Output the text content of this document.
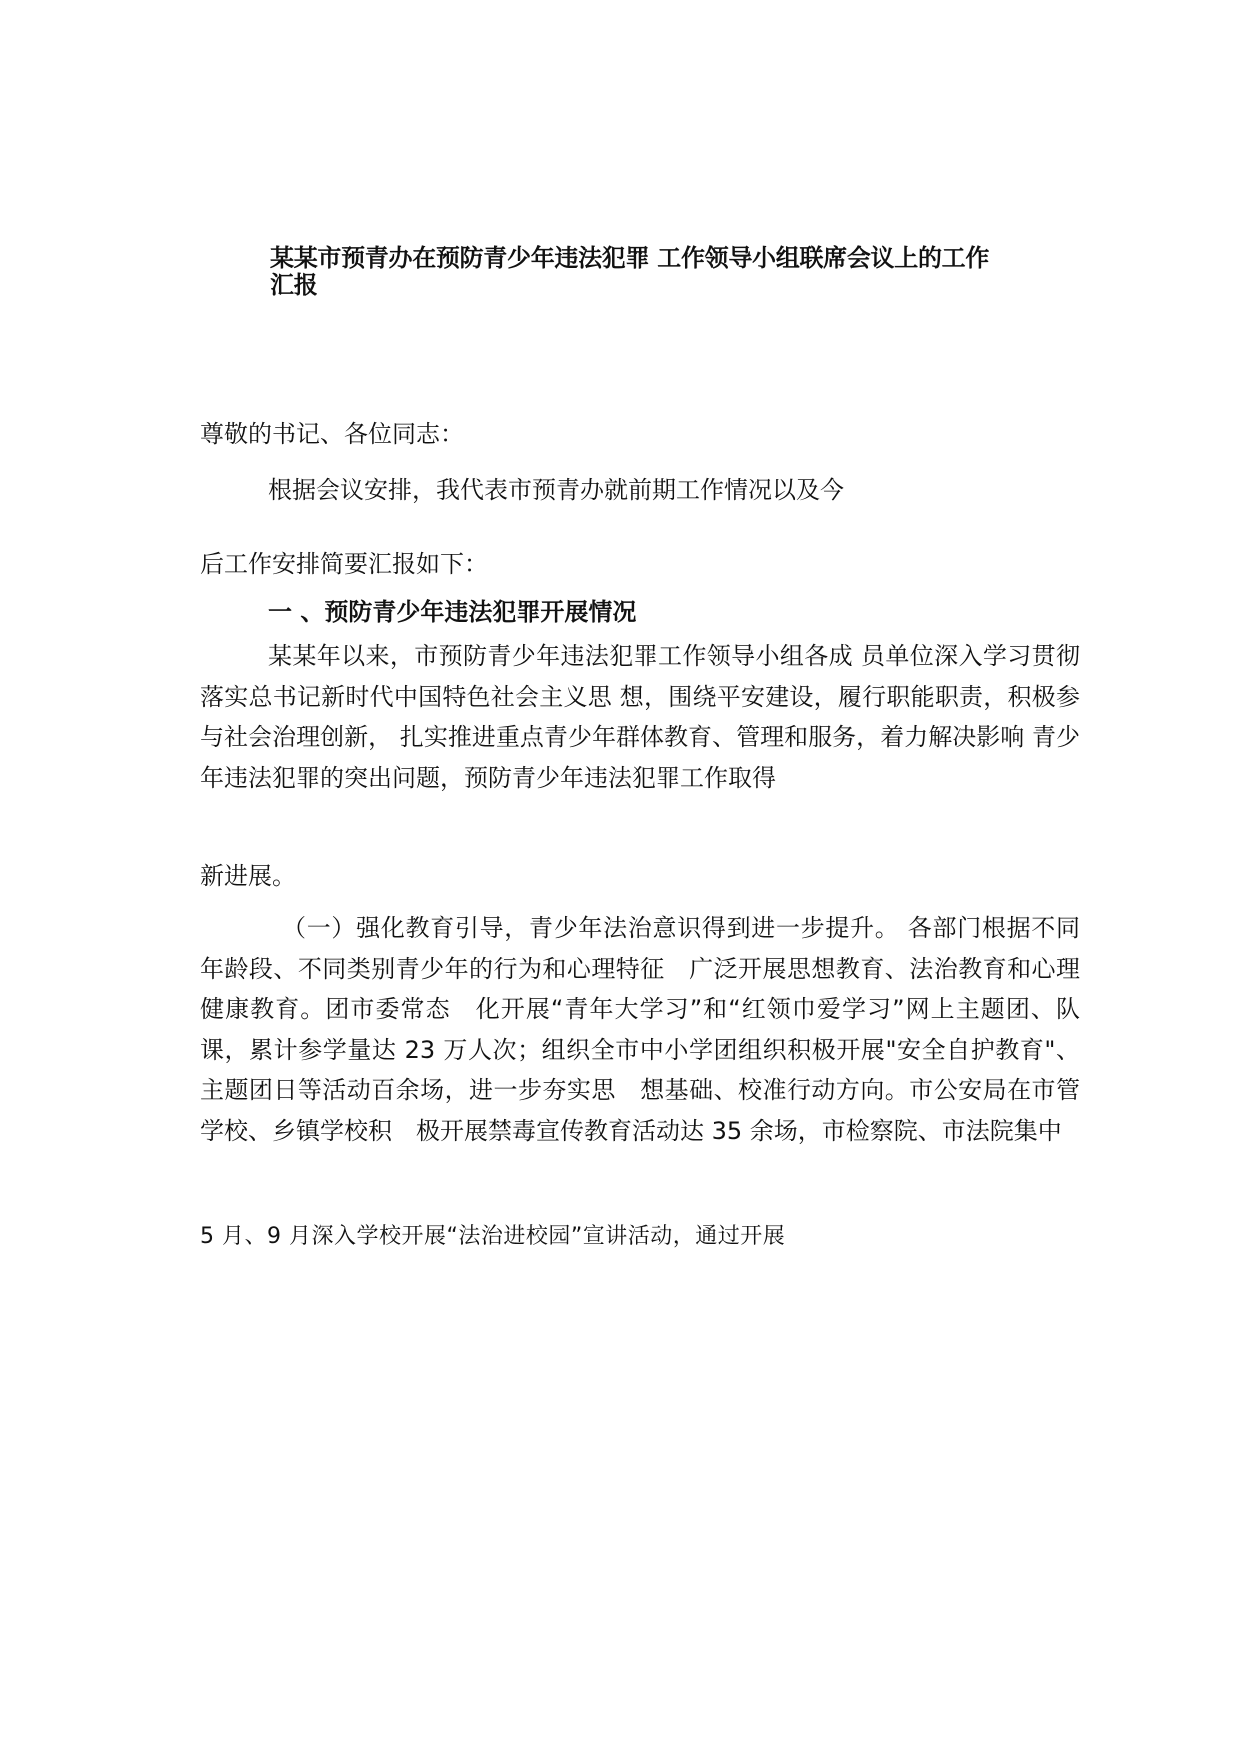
某某市预青办在预防青少年违法犯罪 工作领导小组联席会议上的工作汇报

尊敬的书记、各位同志：

根据会议安排，我代表市预青办就前期工作情况以及今

后工作安排简要汇报如下：

一 、预防青少年违法犯罪开展情况

某某年以来，市预防青少年违法犯罪工作领导小组各成 员单位深入学习贯彻落实总书记新时代中国特色社会主义思 想，围绕平安建设，履行职能职责，积极参与社会治理创新， 扎实推进重点青少年群体教育、管理和服务，着力解决影响 青少年违法犯罪的突出问题，预防青少年违法犯罪工作取得

新进展。

（一）强化教育引导，青少年法治意识得到进一步提升。 各部门根据不同年龄段、不同类别青少年的行为和心理特征　广泛开展思想教育、法治教育和心理健康教育。团市委常态　化开展“青年大学习”和“红领巾爱学习”网上主题团、队　课，累计参学量达 23 万人次；组织全市中小学团组织积极开展"安全自护教育"、主题团日等活动百余场，进一步夯实思　想基础、校准行动方向。市公安局在市管学校、乡镇学校积　极开展禁毒宣传教育活动达 35 余场，市检察院、市法院集中

5 月、9 月深入学校开展“法治进校园”宣讲活动，通过开展
